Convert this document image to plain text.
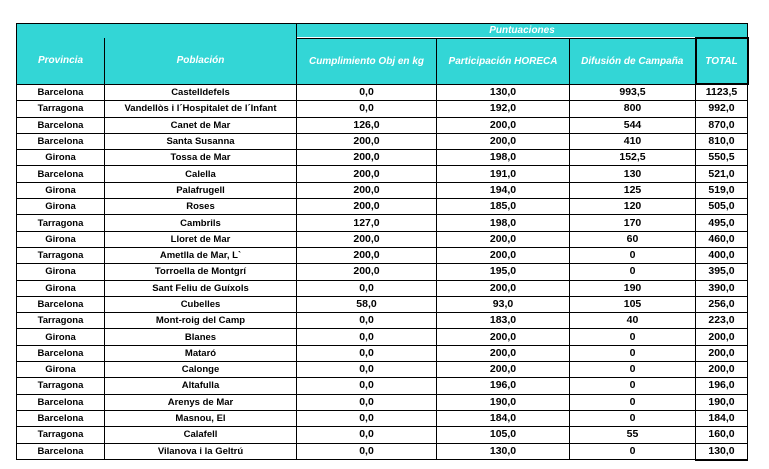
		Puntuaciones			
Provincia	Población	Cumplimiento Obj en kg	Participación HORECA	Difusión de Campaña	TOTAL
Barcelona	Castelldefels	0,0	130,0	993,5	1123,5
Tarragona	Vandellòs i l´Hospitalet de l´Infant	0,0	192,0	800	992,0
Barcelona	Canet de Mar	126,0	200,0	544	870,0
Barcelona	Santa Susanna	200,0	200,0	410	810,0
Girona	Tossa de Mar	200,0	198,0	152,5	550,5
Barcelona	Calella	200,0	191,0	130	521,0
Girona	Palafrugell	200,0	194,0	125	519,0
Girona	Roses	200,0	185,0	120	505,0
Tarragona	Cambrils	127,0	198,0	170	495,0
Girona	Lloret de Mar	200,0	200,0	60	460,0
Tarragona	Ametlla de Mar, L`	200,0	200,0	0	400,0
Girona	Torroella de Montgrí	200,0	195,0	0	395,0
Girona	Sant Feliu de Guíxols	0,0	200,0	190	390,0
Barcelona	Cubelles	58,0	93,0	105	256,0
Tarragona	Mont-roig del Camp	0,0	183,0	40	223,0
Girona	Blanes	0,0	200,0	0	200,0
Barcelona	Mataró	0,0	200,0	0	200,0
Girona	Calonge	0,0	200,0	0	200,0
Tarragona	Altafulla	0,0	196,0	0	196,0
Barcelona	Arenys de Mar	0,0	190,0	0	190,0
Barcelona	Masnou, El	0,0	184,0	0	184,0
Tarragona	Calafell	0,0	105,0	55	160,0
Barcelona	Vilanova i la Geltrú	0,0	130,0	0	130,0
